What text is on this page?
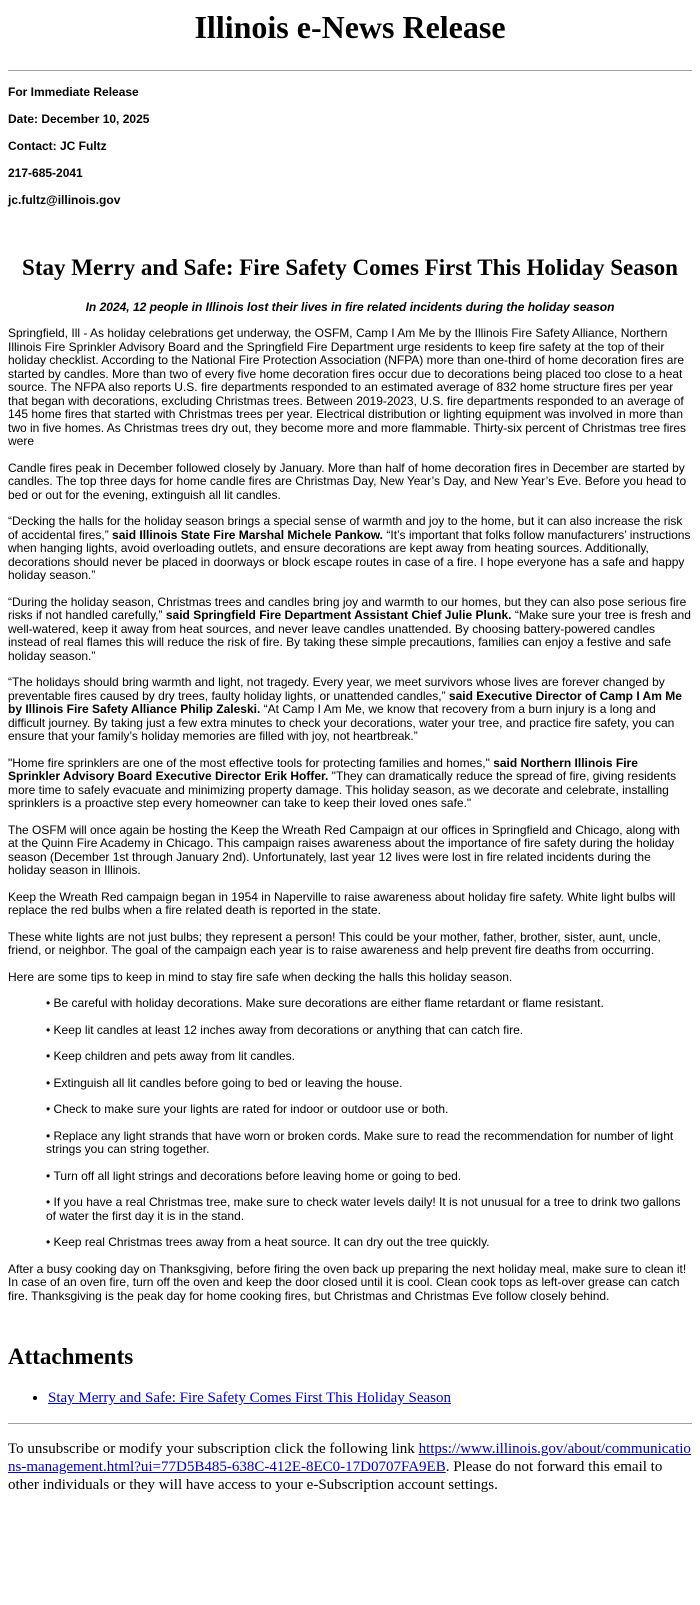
Illinois e-News Release

For Immediate Release

Date: December 10, 2025

Contact: JC Fultz

217-685-2041

jc.fultz@illinois.gov

Stay Merry and Safe: Fire Safety Comes First This Holiday Season
In 2024, 12 people in Illinois lost their lives in fire related incidents during the holiday season

Springfield, Ill - As holiday celebrations get underway, the OSFM, Camp I Am Me by the Illinois Fire Safety Alliance, Northern Illinois Fire Sprinkler Advisory Board and the Springfield Fire Department urge residents to keep fire safety at the top of their holiday checklist. According to the National Fire Protection Association (NFPA) more than one-third of home decoration fires are started by candles. More than two of every five home decoration fires occur due to decorations being placed too close to a heat source. The NFPA also reports U.S. fire departments responded to an estimated average of 832 home structure fires per year that began with decorations, excluding Christmas trees. Between 2019-2023, U.S. fire departments responded to an average of 145 home fires that started with Christmas trees per year. Electrical distribution or lighting equipment was involved in more than two in five homes. As Christmas trees dry out, they become more and more flammable. Thirty-six percent of Christmas tree fires were

Candle fires peak in December followed closely by January. More than half of home decoration fires in December are started by candles. The top three days for home candle fires are Christmas Day, New Year’s Day, and New Year’s Eve. Before you head to bed or out for the evening, extinguish all lit candles.

“Decking the halls for the holiday season brings a special sense of warmth and joy to the home, but it can also increase the risk of accidental fires,” said Illinois State Fire Marshal Michele Pankow. “It’s important that folks follow manufacturers’ instructions when hanging lights, avoid overloading outlets, and ensure decorations are kept away from heating sources. Additionally, decorations should never be placed in doorways or block escape routes in case of a fire. I hope everyone has a safe and happy holiday season.”

“During the holiday season, Christmas trees and candles bring joy and warmth to our homes, but they can also pose serious fire risks if not handled carefully,” said Springfield Fire Department Assistant Chief Julie Plunk. “Make sure your tree is fresh and well-watered, keep it away from heat sources, and never leave candles unattended. By choosing battery-powered candles instead of real flames this will reduce the risk of fire. By taking these simple precautions, families can enjoy a festive and safe holiday season.”

“The holidays should bring warmth and light, not tragedy. Every year, we meet survivors whose lives are forever changed by preventable fires caused by dry trees, faulty holiday lights, or unattended candles,” said Executive Director of Camp I Am Me by Illinois Fire Safety Alliance Philip Zaleski. “At Camp I Am Me, we know that recovery from a burn injury is a long and difficult journey. By taking just a few extra minutes to check your decorations, water your tree, and practice fire safety, you can ensure that your family’s holiday memories are filled with joy, not heartbreak.”

"Home fire sprinklers are one of the most effective tools for protecting families and homes," said Northern Illinois Fire Sprinkler Advisory Board Executive Director Erik Hoffer. "They can dramatically reduce the spread of fire, giving residents more time to safely evacuate and minimizing property damage. This holiday season, as we decorate and celebrate, installing sprinklers is a proactive step every homeowner can take to keep their loved ones safe."

The OSFM will once again be hosting the Keep the Wreath Red Campaign at our offices in Springfield and Chicago, along with at the Quinn Fire Academy in Chicago. This campaign raises awareness about the importance of fire safety during the holiday season (December 1st through January 2nd). Unfortunately, last year 12 lives were lost in fire related incidents during the holiday season in Illinois.

Keep the Wreath Red campaign began in 1954 in Naperville to raise awareness about holiday fire safety. White light bulbs will replace the red bulbs when a fire related death is reported in the state.

These white lights are not just bulbs; they represent a person! This could be your mother, father, brother, sister, aunt, uncle, friend, or neighbor. The goal of the campaign each year is to raise awareness and help prevent fire deaths from occurring.

Here are some tips to keep in mind to stay fire safe when decking the halls this holiday season.

• Be careful with holiday decorations. Make sure decorations are either flame retardant or flame resistant.
• Keep lit candles at least 12 inches away from decorations or anything that can catch fire.
• Keep children and pets away from lit candles.
• Extinguish all lit candles before going to bed or leaving the house.
• Check to make sure your lights are rated for indoor or outdoor use or both.
• Replace any light strands that have worn or broken cords. Make sure to read the recommendation for number of light strings you can string together.
• Turn off all light strings and decorations before leaving home or going to bed.
• If you have a real Christmas tree, make sure to check water levels daily! It is not unusual for a tree to drink two gallons of water the first day it is in the stand.
• Keep real Christmas trees away from a heat source. It can dry out the tree quickly.

After a busy cooking day on Thanksgiving, before firing the oven back up preparing the next holiday meal, make sure to clean it! In case of an oven fire, turn off the oven and keep the door closed until it is cool. Clean cook tops as left-over grease can catch fire. Thanksgiving is the peak day for home cooking fires, but Christmas and Christmas Eve follow closely behind.

Attachments
• Stay Merry and Safe: Fire Safety Comes First This Holiday Season
To unsubscribe or modify your subscription click the following link https://www.illinois.gov/about/communications-management.html?ui=77D5B485-638C-412E-8EC0-17D0707FA9EB. Please do not forward this email to other individuals or they will have access to your e-Subscription account settings.
